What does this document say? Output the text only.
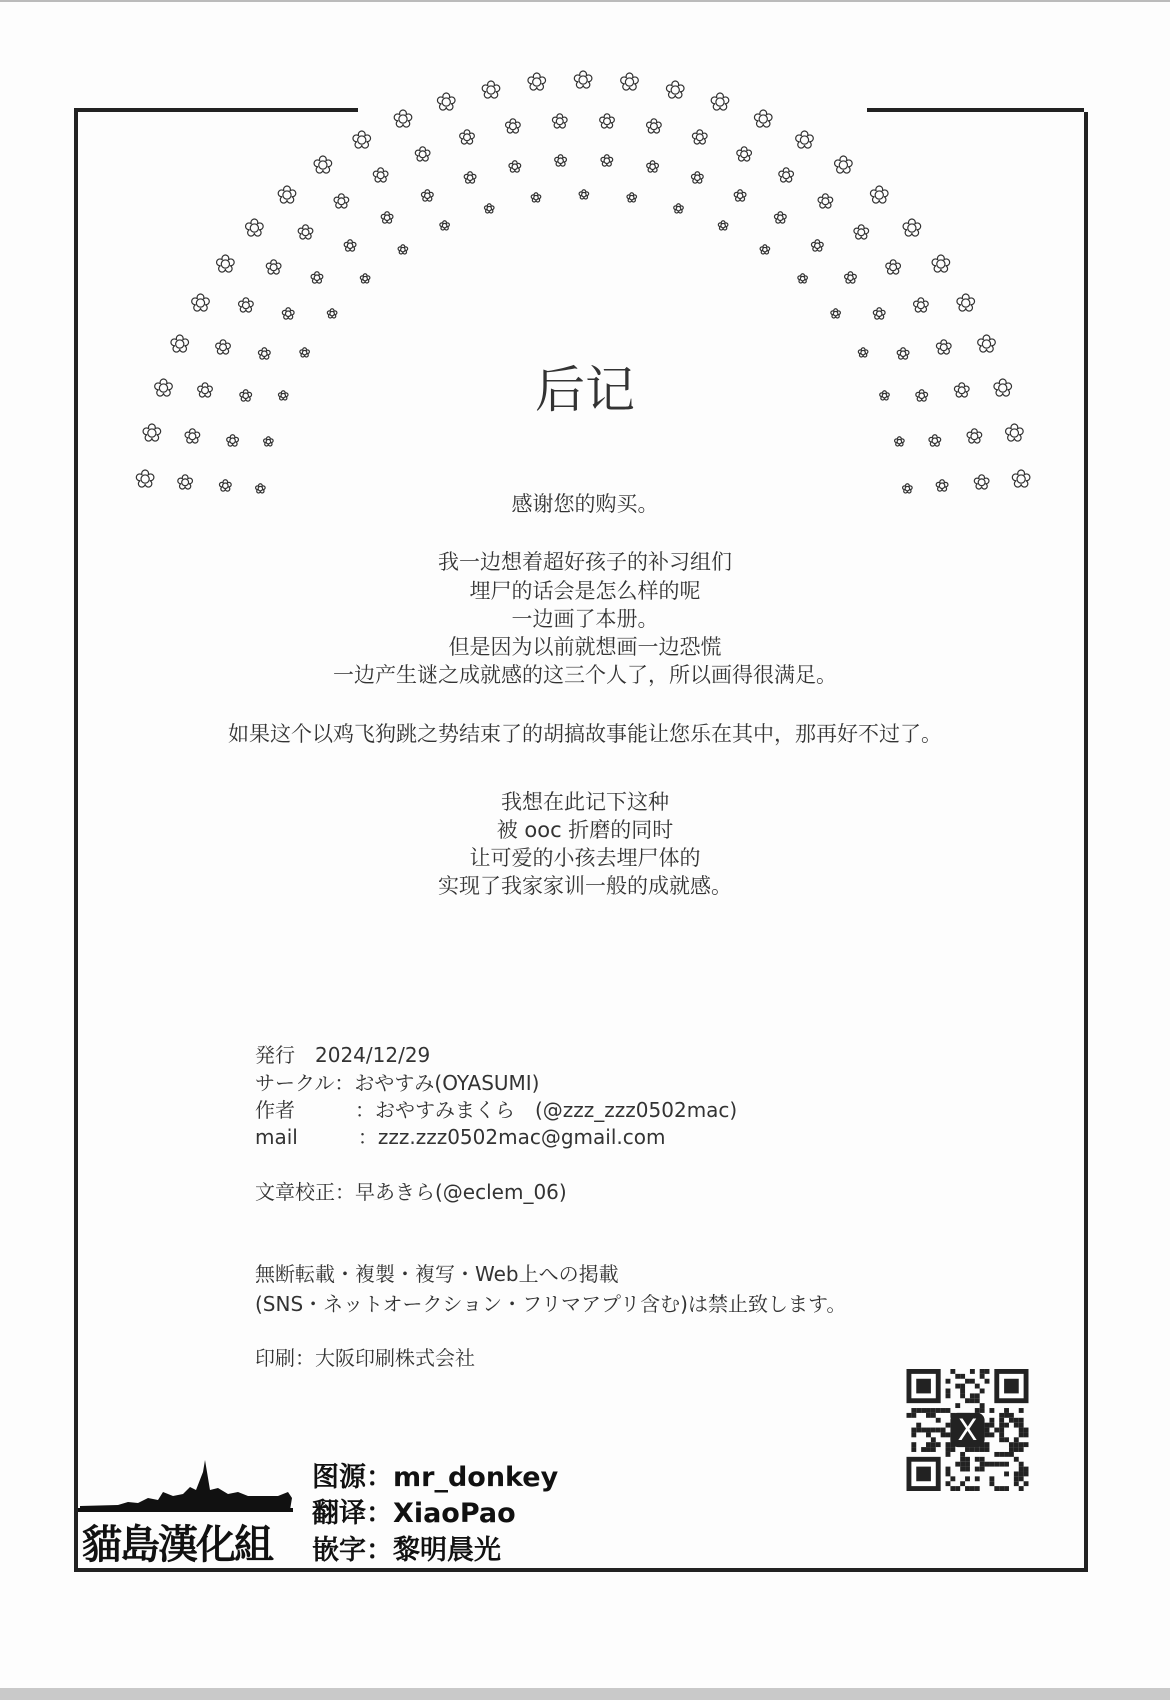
✿
✿
✿
✿
✿
✿
✿
✿
✿
✿
✿
✿ ✿ ✿ ✿ ✿ ✿ ✿
✿
✿
✿
✿
✿
✿
✿
✿
✿
✿
✿
✿
✿
✿
✿
✿
✿
✿
✿
✿
✿
✿ ✿ ✿ ✿ ✿ ✿
✿
✿
✿
✿
✿
✿
✿
✿
✿
✿
✿
✿
✿
✿
✿
✿
✿
✿
✿
✿
✿ ✿ ✿ ✿
✿
✿
✿
✿
✿
✿
✿
✿
✿
✿
✿
✿
✿
✿
✿
✿
✿
✿
✿
✿	✿	✿
✿
✿
✿
✿
✿
✿
✿
✿
✿
后记
感谢您的购买。
我一边想着超好孩子的补习组们
埋尸的话会是怎么样的呢
一边画了本册。
但是因为以前就想画一边恐慌
一边产生谜之成就感的这三个人了，所以画得很满足。
如果这个以鸡飞狗跳之势结束了的胡搞故事能让您乐在其中，那再好不过了。
我想在此记下这种
被 ooc 折磨的同时
让可爱的小孩去埋尸体的
实现了我家家训一般的成就感。
発行　2024/12/29
サークル：おやすみ(OYASUMI)
作者　　　：おやすみまくら　(@zzz_zzz0502mac)
mail　　　：zzz.zzz0502mac@gmail.com
文章校正：早あきら(@eclem_06)
無断転載・複製・複写・Web上への掲載
(SNS・ネットオークション・フリマアプリ含む)は禁止致します。
印刷：大阪印刷株式会社
X
貓島漢化組
图源：mr_donkey
翻译：XiaoPao
嵌字：黎明晨光
